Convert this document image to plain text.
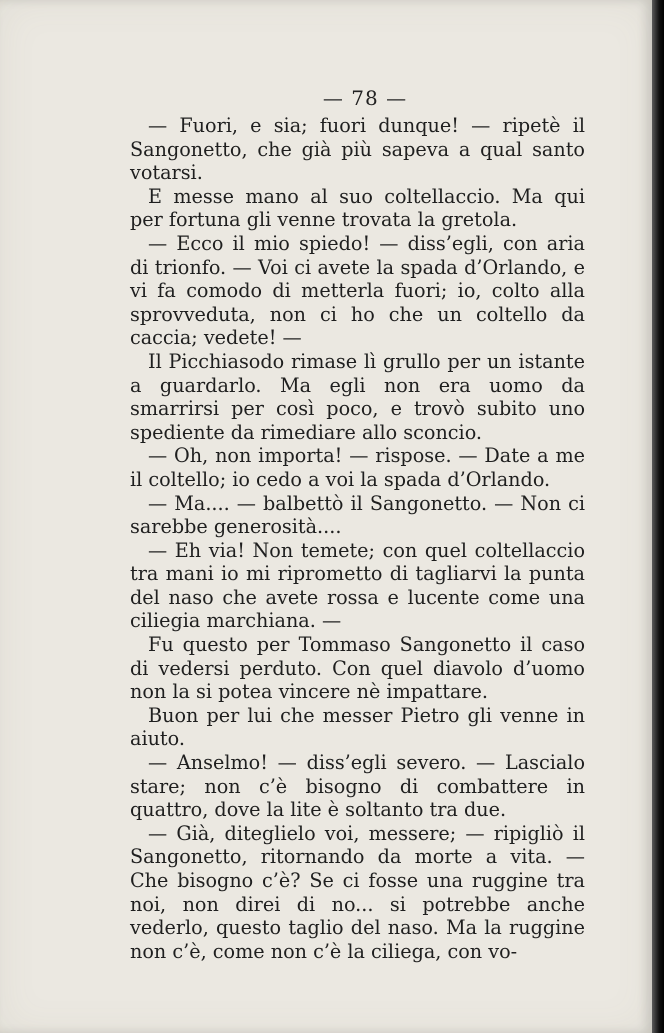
— 78 —

— Fuori, e sia; fuori dunque! — ripetè il Sangonetto, che già più sapeva a qual santo votarsi.

E messe mano al suo coltellaccio. Ma qui per fortuna gli venne trovata la gretola.

— Ecco il mio spiedo! — diss’egli, con aria di trionfo. — Voi ci avete la spada d’Orlando, e vi fa comodo di metterla fuori; io, colto alla sprovveduta, non ci ho che un coltello da caccia; vedete! —

Il Picchiasodo rimase lì grullo per un istante a guardarlo. Ma egli non era uomo da smarrirsi per così poco, e trovò subito uno spediente da rimediare allo sconcio.

— Oh, non importa! — rispose. — Date a me il coltello; io cedo a voi la spada d’Orlando.

— Ma.... — balbettò il Sangonetto. — Non ci sarebbe generosità....

— Eh via! Non temete; con quel coltellaccio tra mani io mi riprometto di tagliarvi la punta del naso che avete rossa e lucente come una ciliegia marchiana. —

Fu questo per Tommaso Sangonetto il caso di vedersi perduto. Con quel diavolo d’uomo non la si potea vincere nè impattare.

Buon per lui che messer Pietro gli venne in aiuto.

— Anselmo! — diss’egli severo. — Lascialo stare; non c’è bisogno di combattere in quattro, dove la lite è soltanto tra due.

— Già, diteglielo voi, messere; — ripigliò il Sangonetto, ritornando da morte a vita. — Che bisogno c’è? Se ci fosse una ruggine tra noi, non direi di no... si potrebbe anche vederlo, questo taglio del naso. Ma la ruggine non c’è, come non c’è la ciliega, con vo-
